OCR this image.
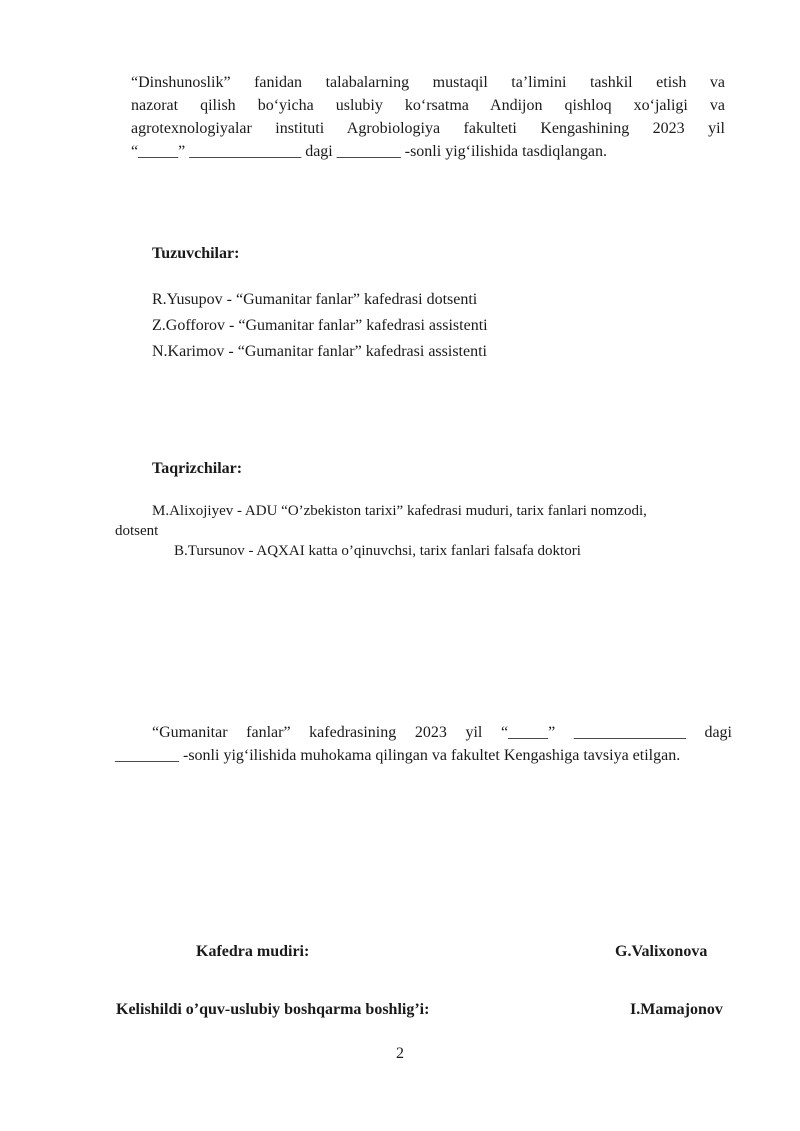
“Dinshunoslik” fanidan talabalarning mustaqil ta’limini tashkil etish va
nazorat qilish bo‘yicha uslubiy ko‘rsatma Andijon qishloq xo‘jaligi va
agrotexnologiyalar instituti Agrobiologiya fakulteti Kengashining 2023 yil
“_____” ______________ dagi ________ -sonli yig‘ilishida tasdiqlangan.
Tuzuvchilar:
R.Yusupov - “Gumanitar fanlar” kafedrasi dotsenti
Z.Gofforov - “Gumanitar fanlar” kafedrasi assistenti
N.Karimov - “Gumanitar fanlar” kafedrasi assistenti
Taqrizchilar:
M.Alixojiyev - ADU “O’zbekiston tarixi” kafedrasi muduri, tarix fanlari nomzodi,
dotsent
B.Tursunov - AQXAI katta o’qinuvchsi, tarix fanlari falsafa doktori
“Gumanitar fanlar” kafedrasining 2023 yil “_____” ______________ dagi
________ -sonli yig‘ilishida muhokama qilingan va fakultet Kengashiga tavsiya etilgan.
Kafedra mudiri:	G.Valixonova
Kelishildi o’quv-uslubiy boshqarma boshlig’i:	I.Mamajonov
2
